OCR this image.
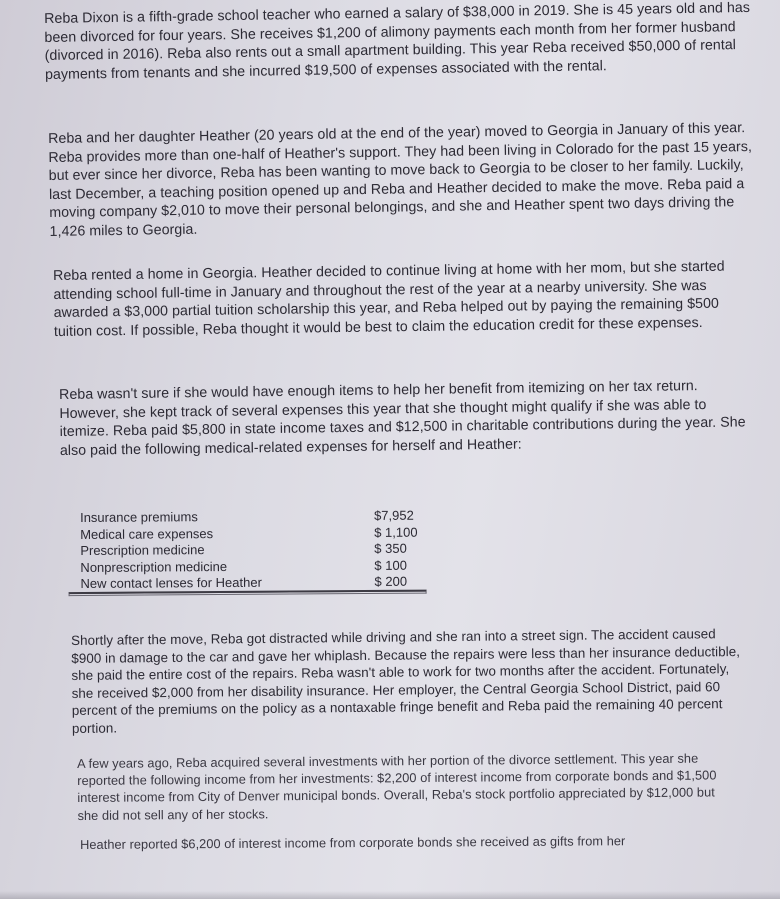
Reba Dixon is a fifth-grade school teacher who earned a salary of $38,000 in 2019. She is 45 years old and has been divorced for four years. She receives $1,200 of alimony payments each month from her former husband (divorced in 2016). Reba also rents out a small apartment building. This year Reba received $50,000 of rental payments from tenants and she incurred $19,500 of expenses associated with the rental.

Reba and her daughter Heather (20 years old at the end of the year) moved to Georgia in January of this year. Reba provides more than one-half of Heather's support. They had been living in Colorado for the past 15 years, but ever since her divorce, Reba has been wanting to move back to Georgia to be closer to her family. Luckily, last December, a teaching position opened up and Reba and Heather decided to make the move. Reba paid a moving company $2,010 to move their personal belongings, and she and Heather spent two days driving the 1,426 miles to Georgia.

Reba rented a home in Georgia. Heather decided to continue living at home with her mom, but she started attending school full-time in January and throughout the rest of the year at a nearby university. She was awarded a $3,000 partial tuition scholarship this year, and Reba helped out by paying the remaining $500 tuition cost. If possible, Reba thought it would be best to claim the education credit for these expenses.

Reba wasn't sure if she would have enough items to help her benefit from itemizing on her tax return. However, she kept track of several expenses this year that she thought might qualify if she was able to itemize. Reba paid $5,800 in state income taxes and $12,500 in charitable contributions during the year. She also paid the following medical-related expenses for herself and Heather:

Insurance premiums	$7,952
Medical care expenses	$ 1,100
Prescription medicine	$ 350
Nonprescription medicine	$ 100
New contact lenses for Heather	$ 200

Shortly after the move, Reba got distracted while driving and she ran into a street sign. The accident caused $900 in damage to the car and gave her whiplash. Because the repairs were less than her insurance deductible, she paid the entire cost of the repairs. Reba wasn't able to work for two months after the accident. Fortunately, she received $2,000 from her disability insurance. Her employer, the Central Georgia School District, paid 60 percent of the premiums on the policy as a nontaxable fringe benefit and Reba paid the remaining 40 percent portion.

A few years ago, Reba acquired several investments with her portion of the divorce settlement. This year she reported the following income from her investments: $2,200 of interest income from corporate bonds and $1,500 interest income from City of Denver municipal bonds. Overall, Reba's stock portfolio appreciated by $12,000 but she did not sell any of her stocks.

Heather reported $6,200 of interest income from corporate bonds she received as gifts from her
